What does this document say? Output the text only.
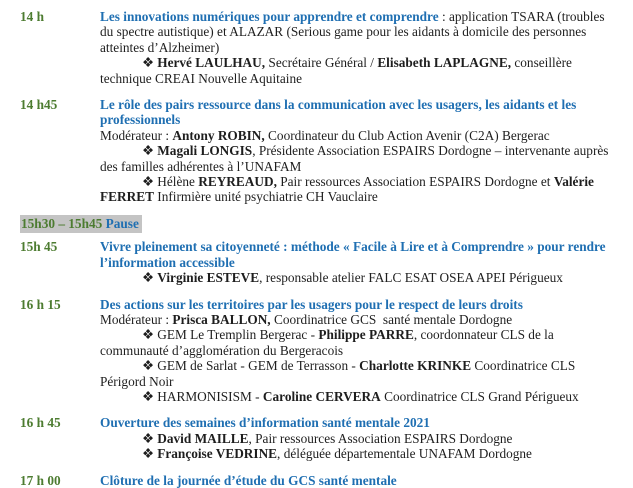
14 h	Les innovations numériques pour apprendre et comprendre : application TSARA (troubles du spectre autistique) et ALAZAR (Serious game pour les aidants à domicile des personnes atteintes d’Alzheimer)

❖ Hervé LAULHAU, Secrétaire Général / Elisabeth LAPLAGNE, conseillère technique CREAI Nouvelle Aquitaine

14 h45	Le rôle des pairs ressource dans la communication avec les usagers, les aidants et les professionnels

Modérateur : Antony ROBIN, Coordinateur du Club Action Avenir (C2A) Bergerac

❖ Magali LONGIS, Présidente Association ESPAIRS Dordogne – intervenante auprès des familles adhérentes à l’UNAFAM

❖ Hélène REYREAUD, Pair ressources Association ESPAIRS Dordogne et Valérie FERRET Infirmière unité psychiatrie CH Vauclaire

15h30 – 15h45 Pause
15h 45	Vivre pleinement sa citoyenneté : méthode « Facile à Lire et à Comprendre » pour rendre l’information accessible

❖ Virginie ESTEVE, responsable atelier FALC ESAT OSEA APEI Périgueux

16 h 15	Des actions sur les territoires par les usagers pour le respect de leurs droits

Modérateur : Prisca BALLON, Coordinatrice GCS  santé mentale Dordogne

❖ GEM Le Tremplin Bergerac - Philippe PARRE, coordonnateur CLS de la communauté d’agglomération du Bergeracois

❖ GEM de Sarlat - GEM de Terrasson - Charlotte KRINKE Coordinatrice CLS Périgord Noir

❖ HARMONISISM - Caroline CERVERA Coordinatrice CLS Grand Périgueux

16 h 45	Ouverture des semaines d’information santé mentale 2021

❖ David MAILLE, Pair ressources Association ESPAIRS Dordogne

❖ Françoise VEDRINE, déléguée départementale UNAFAM Dordogne

17 h 00	Clôture de la journée d’étude du GCS santé mentale
